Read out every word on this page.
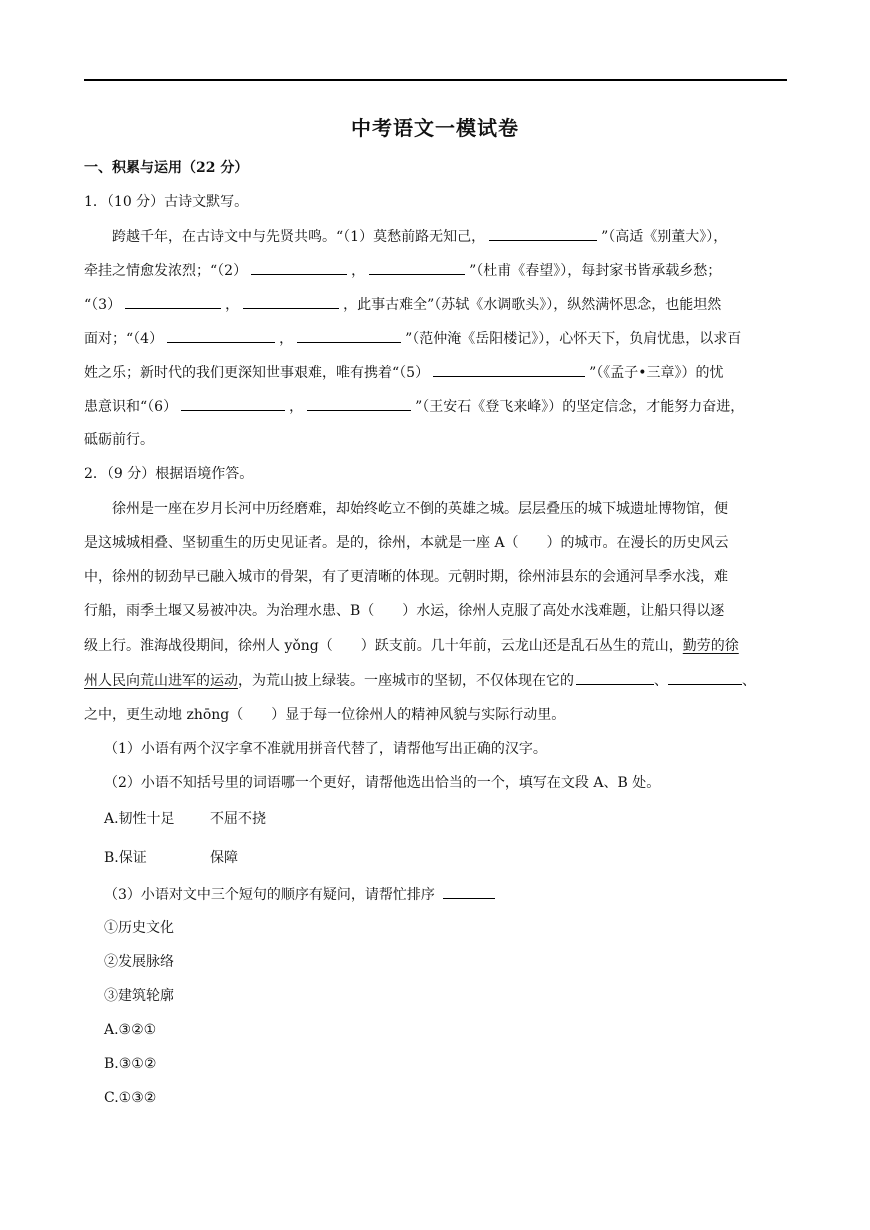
中考语文一模试卷
一、积累与运用（22 分）
1．（10 分）古诗文默写。
跨越千年，在古诗文中与先贤共鸣。“（1）莫愁前路无知己，	”（高适《别董大》），
牵挂之情愈发浓烈；“（2）	，	”（杜甫《春望》），每封家书皆承载乡愁；
“（3）	，	，此事古难全”（苏轼《水调歌头》），纵然满怀思念，也能坦然
面对；“（4）	，	”（范仲淹《岳阳楼记》），心怀天下，负肩忧患，以求百
姓之乐；新时代的我们更深知世事艰难，唯有携着“（5）	”（《孟子•三章》）的忧
患意识和“（6）	，	”（王安石《登飞来峰》）的坚定信念，才能努力奋进，
砥砺前行。
2．（9 分）根据语境作答。
徐州是一座在岁月长河中历经磨难，却始终屹立不倒的英雄之城。层层叠压的城下城遗址博物馆，便
是这城城相叠、坚韧重生的历史见证者。是的，徐州，本就是一座 A（　　）的城市。在漫长的历史风云
中，徐州的韧劲早已融入城市的骨架，有了更清晰的体现。元朝时期，徐州沛县东的会通河旱季水浅，难
行船，雨季土堰又易被冲决。为治理水患、B（　　）水运，徐州人克服了高处水浅难题，让船只得以逐
级上行。淮海战役期间，徐州人 yǒng（　　）跃支前。几十年前，云龙山还是乱石丛生的荒山，勤劳的徐
州人民向荒山进军的运动，为荒山披上绿装。一座城市的坚韧，不仅体现在它的	、	、
之中，更生动地 zhōng（　　）显于每一位徐州人的精神风貌与实际行动里。
（1）小语有两个汉字拿不准就用拼音代替了，请帮他写出正确的汉字。
（2）小语不知括号里的词语哪一个更好，请帮他选出恰当的一个，填写在文段 A、B 处。
A.韧性十足	不屈不挠
B.保证	保障
（3）小语对文中三个短句的顺序有疑问，请帮忙排序
①历史文化
②发展脉络
③建筑轮廓
A.③②①
B.③①②
C.①③②
